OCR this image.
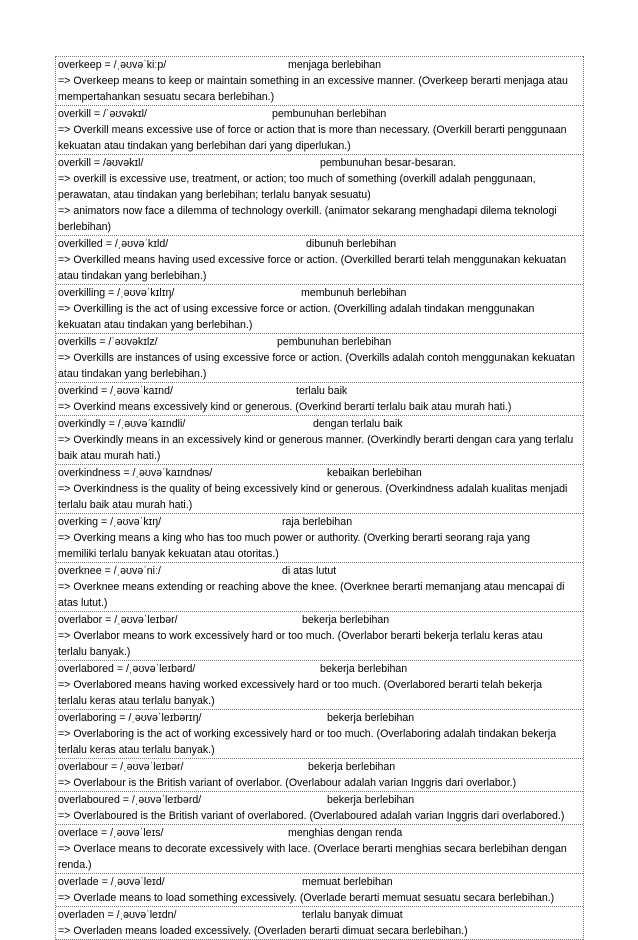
overkeep = /ˌəʊvəˈkiːp/	menjaga berlebihan
=> Overkeep means to keep or maintain something in an excessive manner. (Overkeep berarti menjaga atau
mempertahankan sesuatu secara berlebihan.)
overkill = /ˈəʊvəkɪl/	pembunuhan berlebihan
=> Overkill means excessive use of force or action that is more than necessary. (Overkill berarti penggunaan
kekuatan atau tindakan yang berlebihan dari yang diperlukan.)
overkill = /əʊvəkɪl/	pembunuhan besar-besaran.
=> overkill is excessive use, treatment, or action; too much of something (overkill adalah penggunaan,
perawatan, atau tindakan yang berlebihan; terlalu banyak sesuatu)
=> animators now face a dilemma of technology overkill. (animator sekarang menghadapi dilema teknologi
berlebihan)
overkilled = /ˌəʊvəˈkɪld/	dibunuh berlebihan
=> Overkilled means having used excessive force or action. (Overkilled berarti telah menggunakan kekuatan
atau tindakan yang berlebihan.)
overkilling = /ˌəʊvəˈkɪlɪŋ/	membunuh berlebihan
=> Overkilling is the act of using excessive force or action. (Overkilling adalah tindakan menggunakan
kekuatan atau tindakan yang berlebihan.)
overkills = /ˈəʊvəkɪlz/	pembunuhan berlebihan
=> Overkills are instances of using excessive force or action. (Overkills adalah contoh menggunakan kekuatan
atau tindakan yang berlebihan.)
overkind = /ˌəʊvəˈkaɪnd/	terlalu baik
=> Overkind means excessively kind or generous. (Overkind berarti terlalu baik atau murah hati.)
overkindly = /ˌəʊvəˈkaɪndli/	dengan terlalu baik
=> Overkindly means in an excessively kind or generous manner. (Overkindly berarti dengan cara yang terlalu
baik atau murah hati.)
overkindness = /ˌəʊvəˈkaɪndnəs/	kebaikan berlebihan
=> Overkindness is the quality of being excessively kind or generous. (Overkindness adalah kualitas menjadi
terlalu baik atau murah hati.)
overking = /ˌəʊvəˈkɪŋ/	raja berlebihan
=> Overking means a king who has too much power or authority. (Overking berarti seorang raja yang
memiliki terlalu banyak kekuatan atau otoritas.)
overknee = /ˌəʊvəˈniː/	di atas lutut
=> Overknee means extending or reaching above the knee. (Overknee berarti memanjang atau mencapai di
atas lutut.)
overlabor = /ˌəʊvəˈleɪbər/	bekerja berlebihan
=> Overlabor means to work excessively hard or too much. (Overlabor berarti bekerja terlalu keras atau
terlalu banyak.)
overlabored = /ˌəʊvəˈleɪbərd/	bekerja berlebihan
=> Overlabored means having worked excessively hard or too much. (Overlabored berarti telah bekerja
terlalu keras atau terlalu banyak.)
overlaboring = /ˌəʊvəˈleɪbərɪŋ/	bekerja berlebihan
=> Overlaboring is the act of working excessively hard or too much. (Overlaboring adalah tindakan bekerja
terlalu keras atau terlalu banyak.)
overlabour = /ˌəʊvəˈleɪbər/	bekerja berlebihan
=> Overlabour is the British variant of overlabor. (Overlabour adalah varian Inggris dari overlabor.)
overlaboured = /ˌəʊvəˈleɪbərd/	bekerja berlebihan
=> Overlaboured is the British variant of overlabored. (Overlaboured adalah varian Inggris dari overlabored.)
overlace = /ˌəʊvəˈleɪs/	menghias dengan renda
=> Overlace means to decorate excessively with lace. (Overlace berarti menghias secara berlebihan dengan
renda.)
overlade = /ˌəʊvəˈleɪd/	memuat berlebihan
=> Overlade means to load something excessively. (Overlade berarti memuat sesuatu secara berlebihan.)
overladen = /ˌəʊvəˈleɪdn/	terlalu banyak dimuat
=> Overladen means loaded excessively. (Overladen berarti dimuat secara berlebihan.)
